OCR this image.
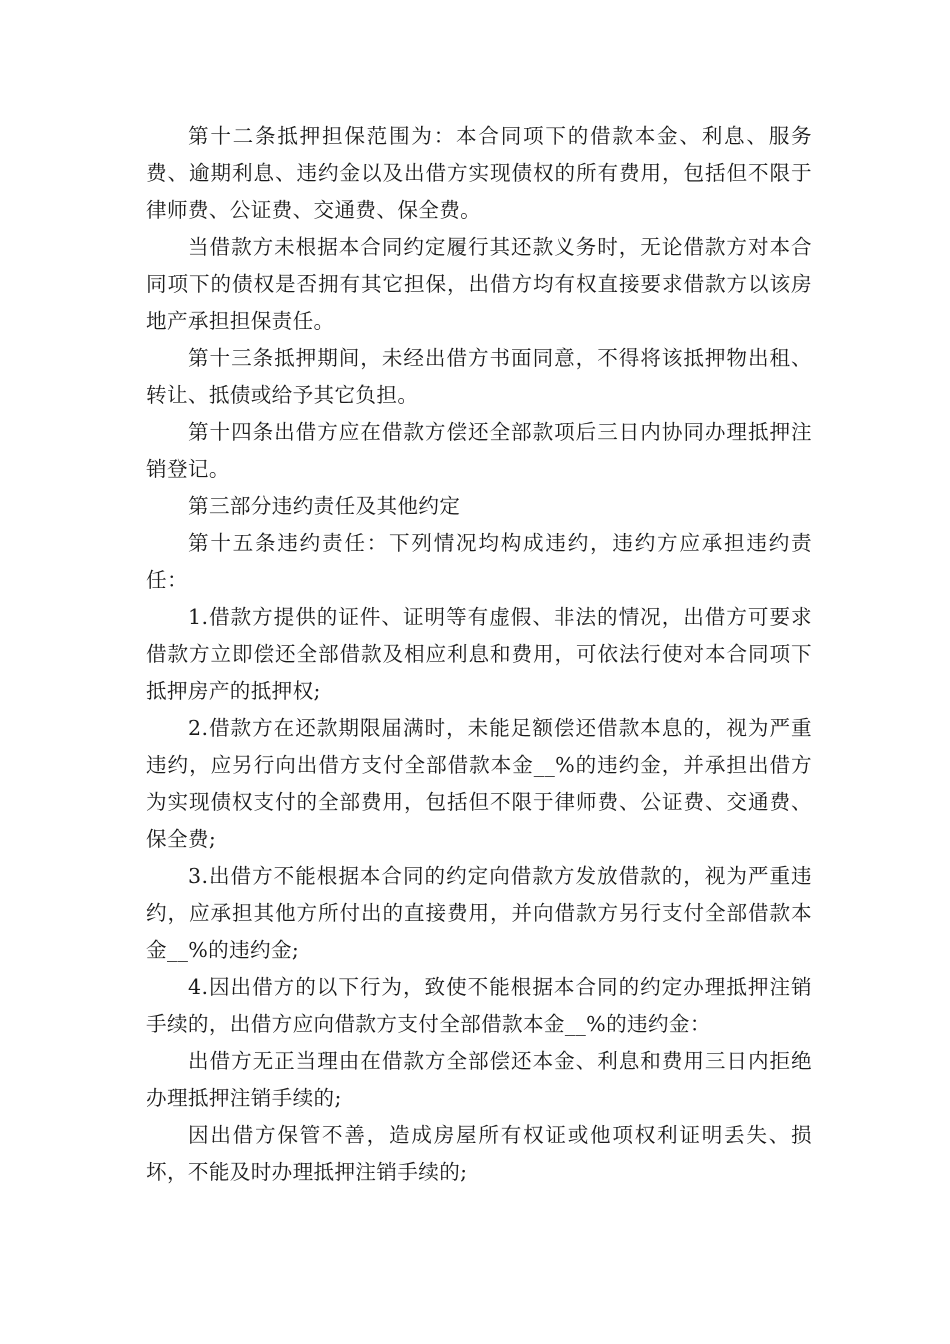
第十二条抵押担保范围为：本合同项下的借款本金、利息、服务费、逾期利息、违约金以及出借方实现债权的所有费用，包括但不限于律师费、公证费、交通费、保全费。

当借款方未根据本合同约定履行其还款义务时，无论借款方对本合同项下的债权是否拥有其它担保，出借方均有权直接要求借款方以该房地产承担担保责任。

第十三条抵押期间，未经出借方书面同意，不得将该抵押物出租、转让、抵债或给予其它负担。

第十四条出借方应在借款方偿还全部款项后三日内协同办理抵押注销登记。

第三部分违约责任及其他约定

第十五条违约责任：下列情况均构成违约，违约方应承担违约责任：

1.借款方提供的证件、证明等有虚假、非法的情况，出借方可要求借款方立即偿还全部借款及相应利息和费用，可依法行使对本合同项下抵押房产的抵押权;

2.借款方在还款期限届满时，未能足额偿还借款本息的，视为严重违约，应另行向出借方支付全部借款本金__%的违约金，并承担出借方为实现债权支付的全部费用，包括但不限于律师费、公证费、交通费、保全费;

3.出借方不能根据本合同的约定向借款方发放借款的，视为严重违约，应承担其他方所付出的直接费用，并向借款方另行支付全部借款本金__%的违约金;

4.因出借方的以下行为，致使不能根据本合同的约定办理抵押注销手续的，出借方应向借款方支付全部借款本金__%的违约金：

出借方无正当理由在借款方全部偿还本金、利息和费用三日内拒绝办理抵押注销手续的;

因出借方保管不善，造成房屋所有权证或他项权利证明丢失、损坏，不能及时办理抵押注销手续的;
